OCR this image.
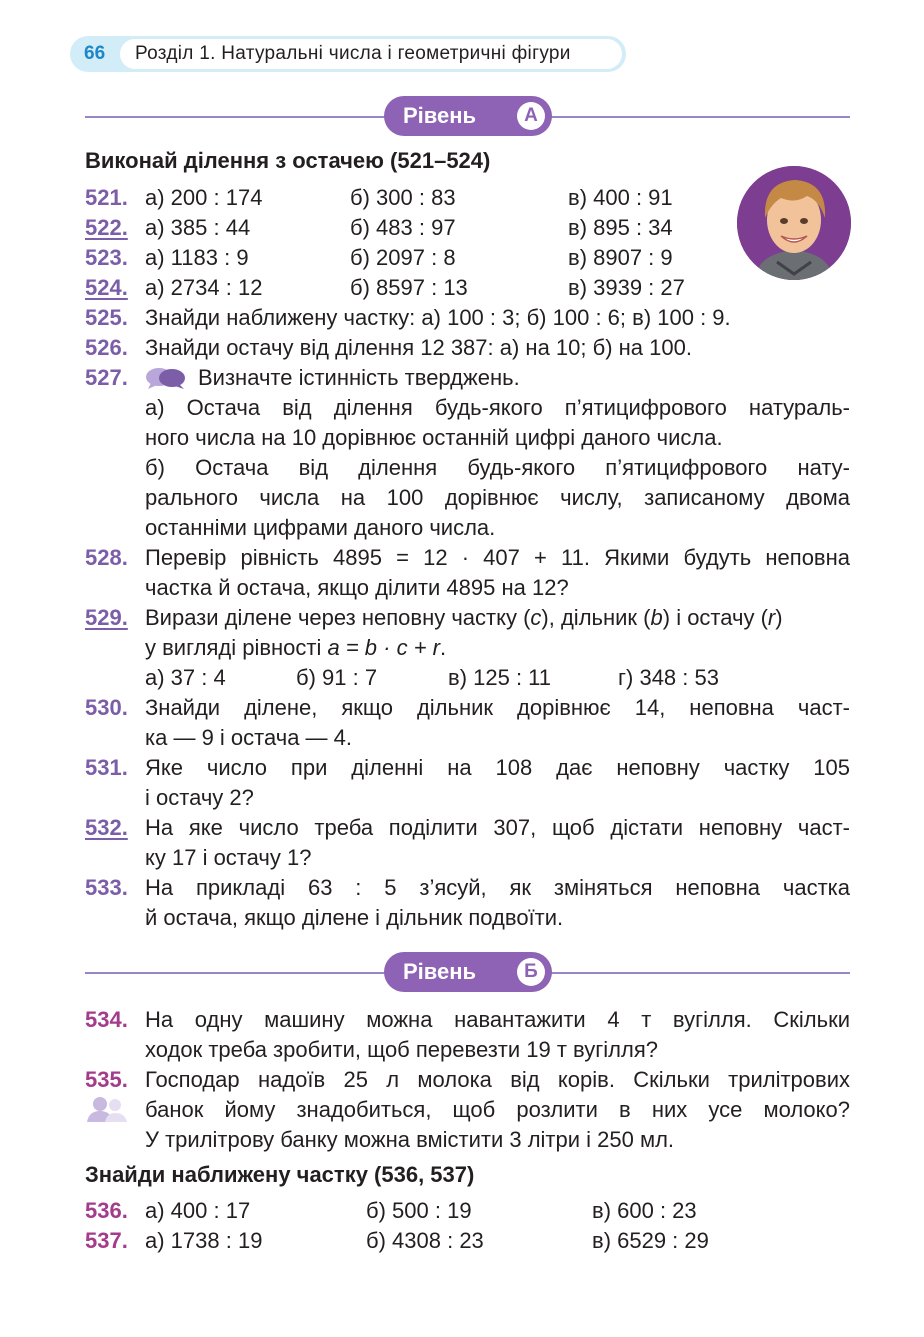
66 Розділ 1. Натуральні числа і геометричні фігури
Рівень	А
Виконай ділення з остачею (521–524)
521. а) 200 : 174	б) 300 : 83	в) 400 : 91
522. а) 385 : 44	б) 483 : 97	в) 895 : 34
523. а) 1183 : 9	б) 2097 : 8	в) 8907 : 9
524. а) 2734 : 12	б) 8597 : 13	в) 3939 : 27
525. Знайди наближену частку: а) 100 : 3; б) 100 : 6; в) 100 : 9.
526. Знайди остачу від ділення 12 387: а) на 10; б) на 100.
527.	Визначте істинність тверджень.
а) Остача від ділення будь-якого п’ятицифрового натураль-
ного числа на 10 дорівнює останній цифрі даного числа.
б) Остача від ділення будь-якого п’ятицифрового нату-
рального числа на 100 дорівнює числу, записаному двома
останніми цифрами даного числа.
528. Перевір рівність 4895 = 12 · 407 + 11. Якими будуть неповна
частка й остача, якщо ділити 4895 на 12?
529. Вирази ділене через неповну частку (c), дільник (b) і остачу (r)
у вигляді рівності a = b · c + r.
а) 37 : 4	б) 91 : 7	в) 125 : 11	г) 348 : 53
530. Знайди ділене, якщо дільник дорівнює 14, неповна част-
ка — 9 і остача — 4.
531. Яке число при діленні на 108 дає неповну частку 105
і остачу 2?
532. На яке число треба поділити 307, щоб дістати неповну част-
ку 17 і остачу 1?
533. На прикладі 63 : 5 з’ясуй, як зміняться неповна частка
й остача, якщо ділене і дільник подвоїти.
Рівень	Б
534. На одну машину можна навантажити 4 т вугілля. Скільки
ходок треба зробити, щоб перевезти 19 т вугілля?
535. Господар надоїв 25 л молока від корів. Скільки трилітрових
банок йому знадобиться, щоб розлити в них усе молоко?
У трилітрову банку можна вмістити 3 літри і 250 мл.
Знайди наближену частку (536, 537)
536. а) 400 : 17	б) 500 : 19	в) 600 : 23
537. а) 1738 : 19	б) 4308 : 23	в) 6529 : 29
